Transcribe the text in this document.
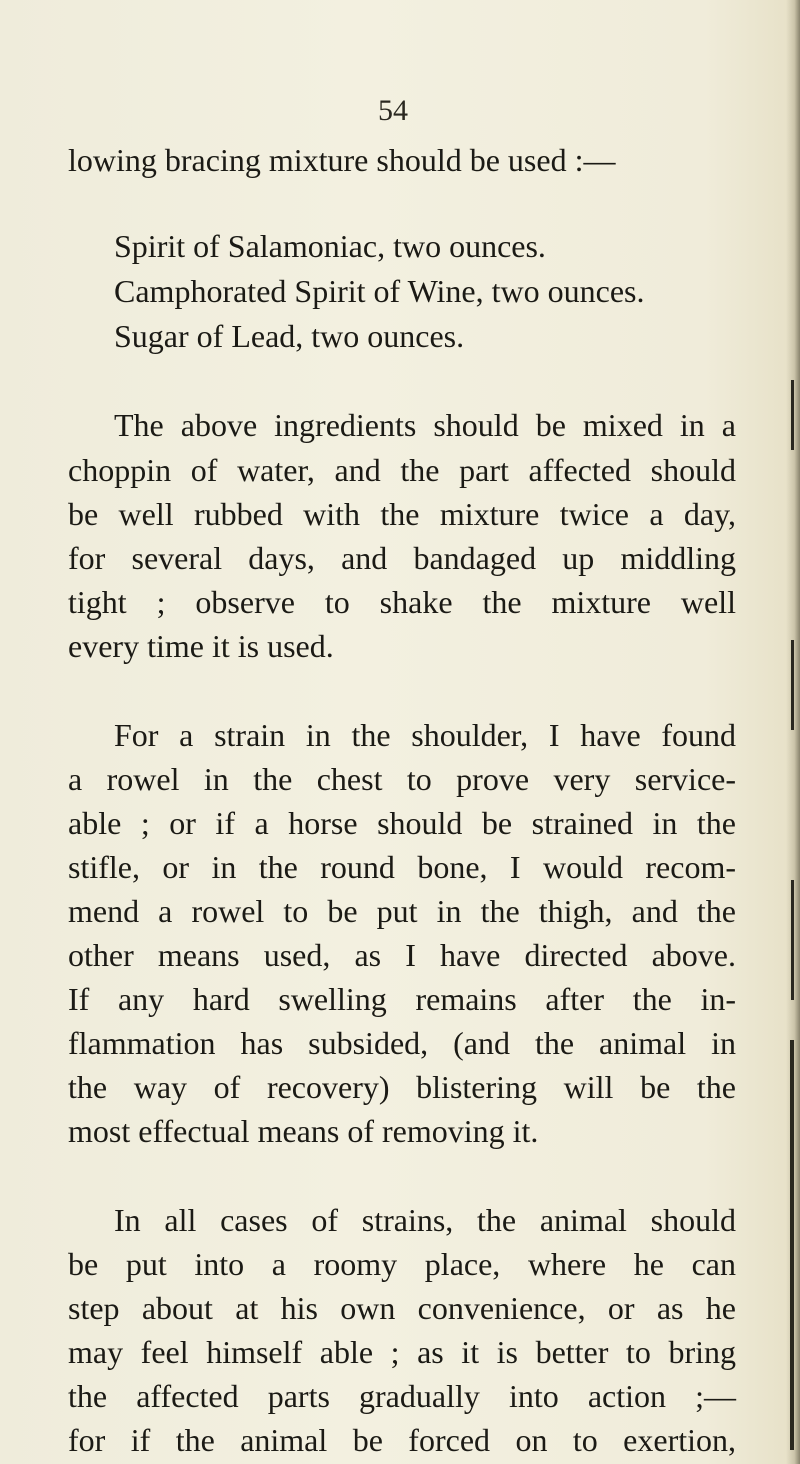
54
lowing bracing mixture should be used :—
Spirit of Salamoniac, two ounces.
Camphorated Spirit of Wine, two ounces.
Sugar of Lead, two ounces.
The above ingredients should be mixed in a
choppin of water, and the part affected should
be well rubbed with the mixture twice a day,
for several days, and bandaged up middling
tight ; observe to shake the mixture well
every time it is used.
For a strain in the shoulder, I have found
a rowel in the chest to prove very service-
able ; or if a horse should be strained in the
stifle, or in the round bone, I would recom-
mend a rowel to be put in the thigh, and the
other means used, as I have directed above.
If any hard swelling remains after the in-
flammation has subsided, (and the animal in
the way of recovery) blistering will be the
most effectual means of removing it.
In all cases of strains, the animal should
be put into a roomy place, where he can
step about at his own convenience, or as he
may feel himself able ; as it is better to bring
the affected parts gradually into action ;—
for if the animal be forced on to exertion,
